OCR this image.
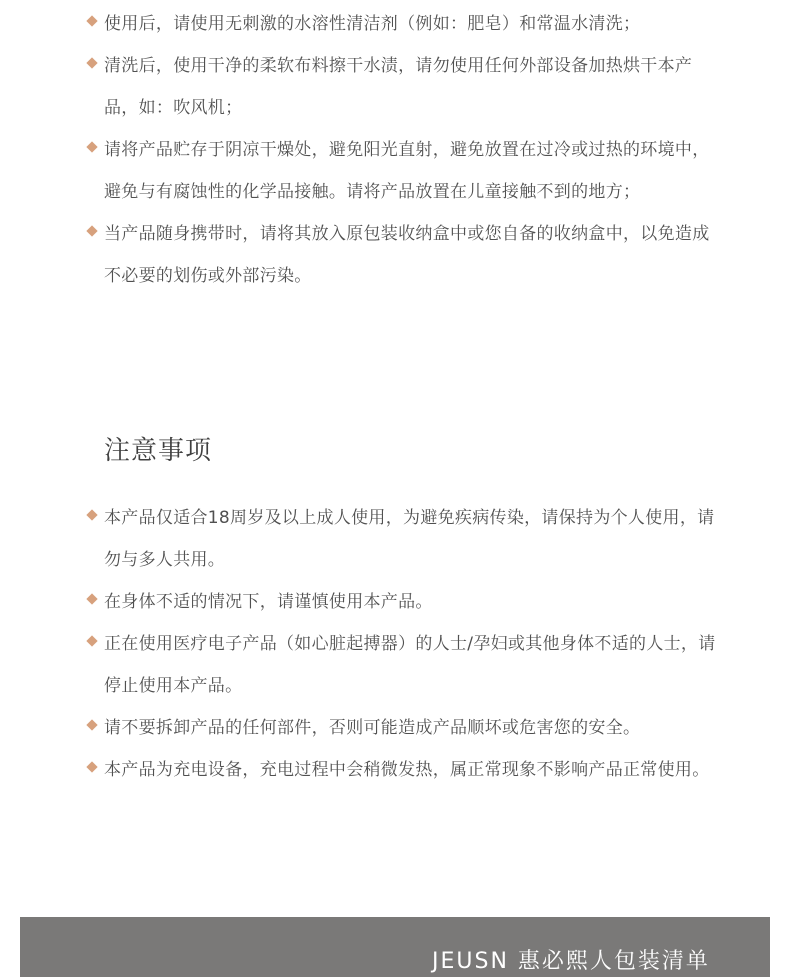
使用后，请使用无刺激的水溶性清洁剂（例如：肥皂）和常温水清洗；
清洗后，使用干净的柔软布料擦干水渍，请勿使用任何外部设备加热烘干本产品，如：吹风机；
请将产品贮存于阴凉干燥处，避免阳光直射，避免放置在过冷或过热的环境中，避免与有腐蚀性的化学品接触。请将产品放置在儿童接触不到的地方；
当产品随身携带时，请将其放入原包装收纳盒中或您自备的收纳盒中，以免造成不必要的划伤或外部污染。
注意事项
本产品仅适合18周岁及以上成人使用，为避免疾病传染，请保持为个人使用，请勿与多人共用。
在身体不适的情况下，请谨慎使用本产品。
正在使用医疗电子产品（如心脏起搏器）的人士/孕妇或其他身体不适的人士，请停止使用本产品。
请不要拆卸产品的任何部件，否则可能造成产品顺坏或危害您的安全。
本产品为充电设备，充电过程中会稍微发热，属正常现象不影响产品正常使用。
JEUSN 惠必熙人包装清单
